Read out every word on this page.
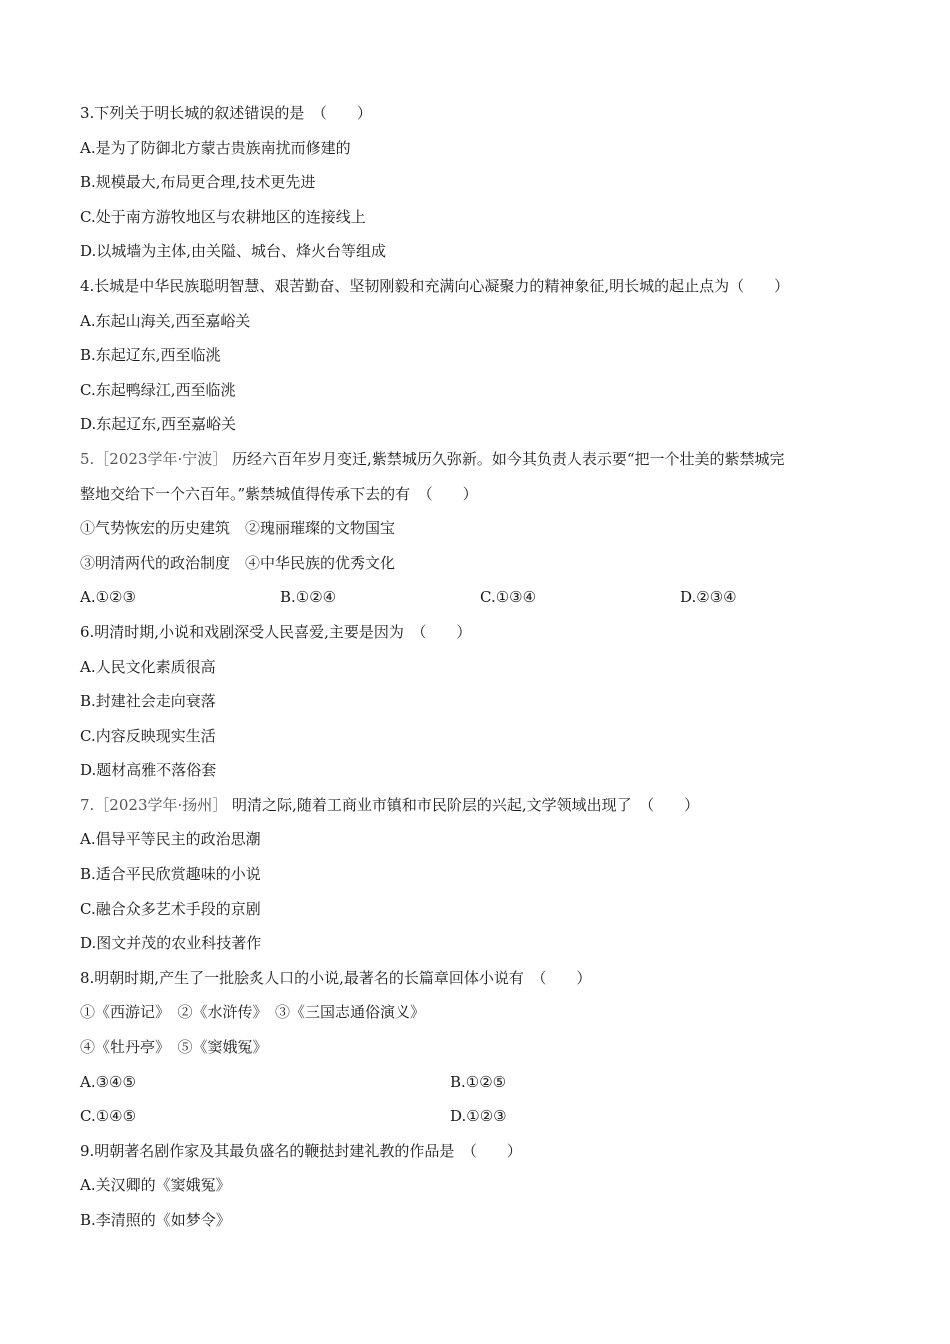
3.下列关于明长城的叙述错误的是　（　　）
A.是为了防御北方蒙古贵族南扰而修建的
B.规模最大,布局更合理,技术更先进
C.处于南方游牧地区与农耕地区的连接线上
D.以城墙为主体,由关隘、城台、烽火台等组成
4.长城是中华民族聪明智慧、艰苦勤奋、坚韧刚毅和充满向心凝聚力的精神象征,明长城的起止点为（　　）
A.东起山海关,西至嘉峪关
B.东起辽东,西至临洮
C.东起鸭绿江,西至临洮
D.东起辽东,西至嘉峪关
5.［2023学年·宁波］ 历经六百年岁月变迁,紫禁城历久弥新。如今其负责人表示要“把一个壮美的紫禁城完
整地交给下一个六百年。”紫禁城值得传承下去的有　（　　）
①气势恢宏的历史建筑　②瑰丽璀璨的文物国宝
③明清两代的政治制度　④中华民族的优秀文化
A.①②③	B.①②④	C.①③④	D.②③④
6.明清时期,小说和戏剧深受人民喜爱,主要是因为　（　　）
A.人民文化素质很高
B.封建社会走向衰落
C.内容反映现实生活
D.题材高雅不落俗套
7.［2023学年·扬州］ 明清之际,随着工商业市镇和市民阶层的兴起,文学领域出现了　（　　）
A.倡导平等民主的政治思潮
B.适合平民欣赏趣味的小说
C.融合众多艺术手段的京剧
D.图文并茂的农业科技著作
8.明朝时期,产生了一批脍炙人口的小说,最著名的长篇章回体小说有　（　　）
①《西游记》　②《水浒传》　③《三国志通俗演义》
④《牡丹亭》　⑤《窦娥冤》
A.③④⑤	B.①②⑤
C.①④⑤	D.①②③
9.明朝著名剧作家及其最负盛名的鞭挞封建礼教的作品是　（　　）
A.关汉卿的《窦娥冤》
B.李清照的《如梦令》
